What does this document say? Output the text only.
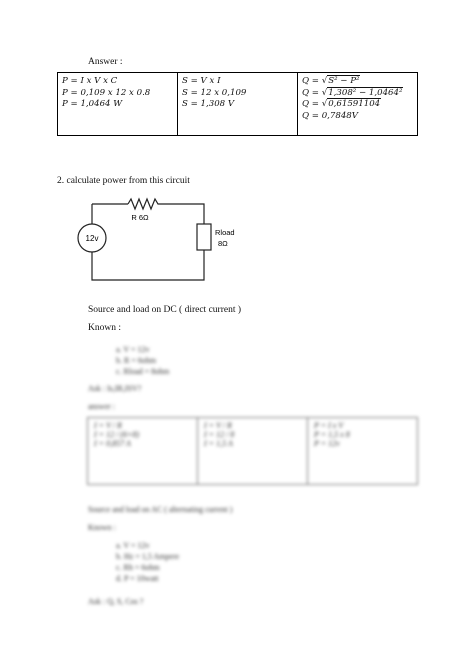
Answer :
P = I x V x C
P = 0,109 x 12 x 0.8
P = 1,0464 W

S = V x I
S = 12 x 0,109
S = 1,308 V

Q = √S² − P²
Q = √1,308² − 1,0464²
Q = √0,61591104
Q = 0,7848V
2. calculate power from this circuit
12v
R 6Ω
Rload
8Ω
Source and load on DC ( direct current )
Known :
a. V = 12v
b. R = 6ohm
c. Rload = 8ohm
Ask : Is,IR,ISV?
answer :
I = V / R
I = 12 / (6+8)
I = 0,857 A

I = V / R
I = 12 / 8
I = 1,5 A

P = I x V
P = 1,5 x 8
P = 12v
Source and load on AC ( alternating current )
Known :
a. V = 12v
b. Hz = 1,5 Ampere
c. Rh = 6ohm
d. P = 10watt
Ask : Q, S, Cos ?
